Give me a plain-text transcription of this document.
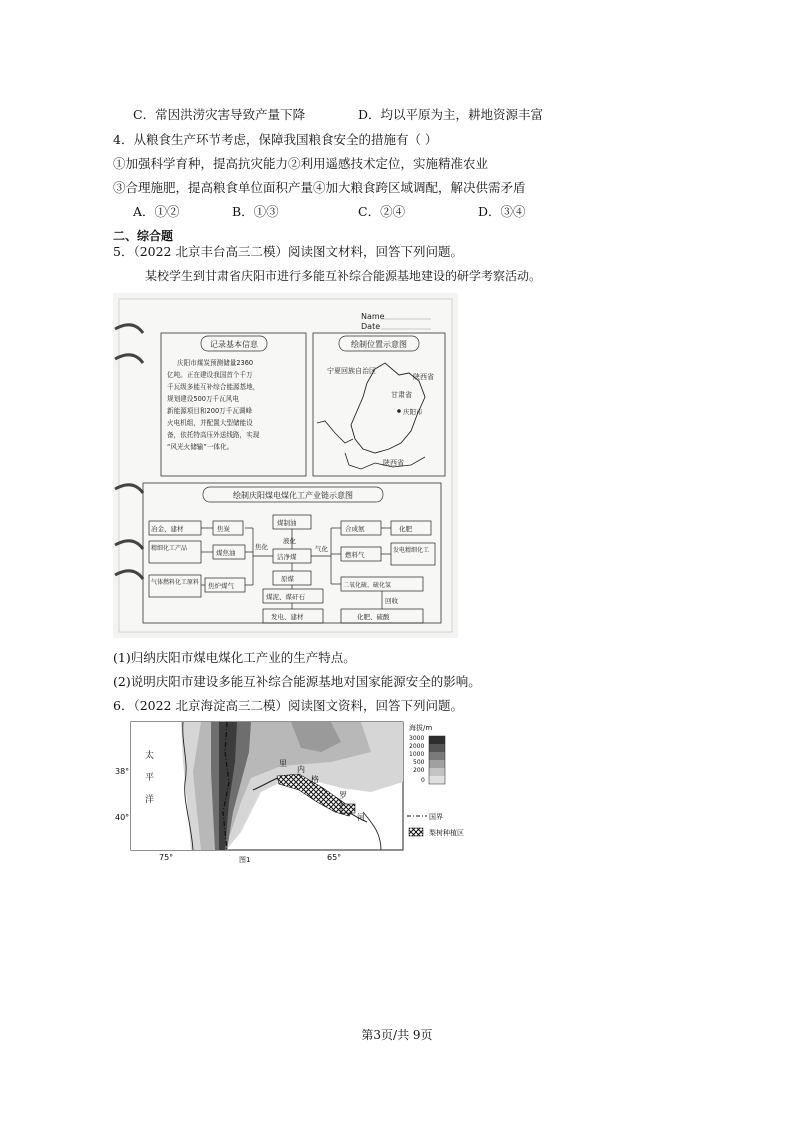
C．常因洪涝灾害导致产量下降	D．均以平原为主，耕地资源丰富
4．从粮食生产环节考虑，保障我国粮食安全的措施有（ ）
①加强科学育种，提高抗灾能力②利用遥感技术定位，实施精准农业
③合理施肥，提高粮食单位面积产量④加大粮食跨区域调配，解决供需矛盾
A．①②	B．①③	C．②④	D．③④
二、综合题
5．（2022 北京丰台高三二模）阅读图文材料，回答下列问题。
某校学生到甘肃省庆阳市进行多能互补综合能源基地建设的研学考察活动。
Name
Date
记录基本信息
庆阳市煤炭预测储量2360
亿吨。正在建设我国首个千万
千瓦级多能互补综合能源基地，
规划建设500万千瓦风电
新能源项目和200万千瓦调峰
火电机组，并配置大型储能设
备，依托特高压外送线路，实现
“风光火储输”一体化。
绘制位置示意图
宁夏回族自治区
甘肃省
庆阳市
陕西省
陕西省
绘制庆阳煤电煤化工产业链示意图
冶金、建材	焦炭
精细化工产品
煤焦油
气体燃料化工原料 焦炉煤气
煤制油
液化
洁净煤
原煤
煤泥、煤矸石
发电、建材
焦化	气化
合成氨	化肥
燃料气
发电精细化工
二氧化硫、硫化氢
回收
化肥、硫酸
(1)归纳庆阳市煤电煤化工产业的生产特点。
(2)说明庆阳市建设多能互补综合能源基地对国家能源安全的影响。
6．（2022 北京海淀高三二模）阅读图文资料，回答下列问题。
38°
40°
75°	65°
图1
太
平
洋
里
内
格
罗
河
海拔/m
3000
2000
1000
500
200
0
国界
梨树种植区
第3页/共 9页
